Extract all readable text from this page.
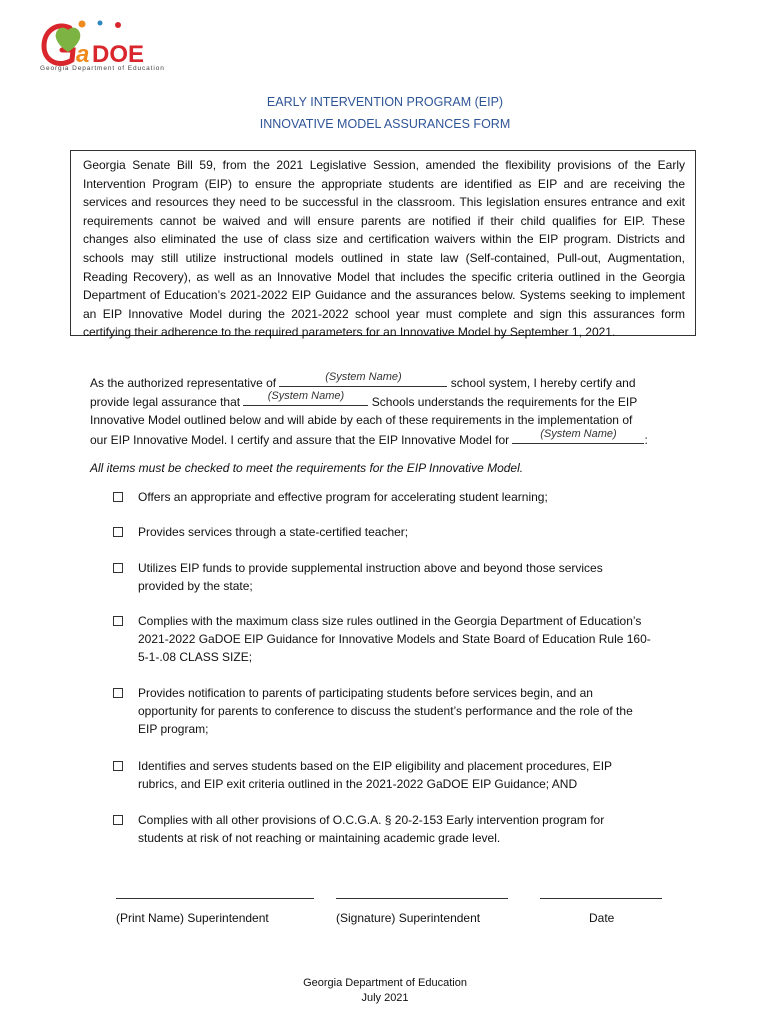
a DOE
Georgia Department of Education
EARLY INTERVENTION PROGRAM (EIP)
INNOVATIVE MODEL ASSURANCES FORM
Georgia Senate Bill 59, from the 2021 Legislative Session, amended the flexibility provisions of the Early
Intervention Program (EIP) to ensure the appropriate students are identified as EIP and are receiving the
services and resources they need to be successful in the classroom. This legislation ensures entrance and exit
requirements cannot be waived and will ensure parents are notified if their child qualifies for EIP. These
changes also eliminated the use of class size and certification waivers within the EIP program. Districts and
schools may still utilize instructional models outlined in state law (Self-contained, Pull-out, Augmentation,
Reading Recovery), as well as an Innovative Model that includes the specific criteria outlined in the Georgia
Department of Education’s 2021-2022 EIP Guidance and the assurances below. Systems seeking to implement
an EIP Innovative Model during the 2021-2022 school year must complete and sign this assurances form
certifying their adherence to the required parameters for an Innovative Model by September 1, 2021.
As the authorized representative of	(System Name)	school system, I hereby certify and
provide legal assurance that	(System Name)	Schools understands the requirements for the EIP
Innovative Model outlined below and will abide by each of these requirements in the implementation of
our EIP Innovative Model. I certify and assure that the EIP Innovative Model for	(System Name)	:
All items must be checked to meet the requirements for the EIP Innovative Model.
Offers an appropriate and effective program for accelerating student learning;
Provides services through a state-certified teacher;
Utilizes EIP funds to provide supplemental instruction above and beyond those services
provided by the state;
Complies with the maximum class size rules outlined in the Georgia Department of Education’s
2021-2022 GaDOE EIP Guidance for Innovative Models and State Board of Education Rule 160-
5-1-.08 CLASS SIZE;
Provides notification to parents of participating students before services begin, and an
opportunity for parents to conference to discuss the student’s performance and the role of the
EIP program;
Identifies and serves students based on the EIP eligibility and placement procedures, EIP
rubrics, and EIP exit criteria outlined in the 2021-2022 GaDOE EIP Guidance; AND
Complies with all other provisions of O.C.G.A. § 20-2-153 Early intervention program for
students at risk of not reaching or maintaining academic grade level.
(Print Name) Superintendent	(Signature) Superintendent	Date
Georgia Department of Education
July 2021
